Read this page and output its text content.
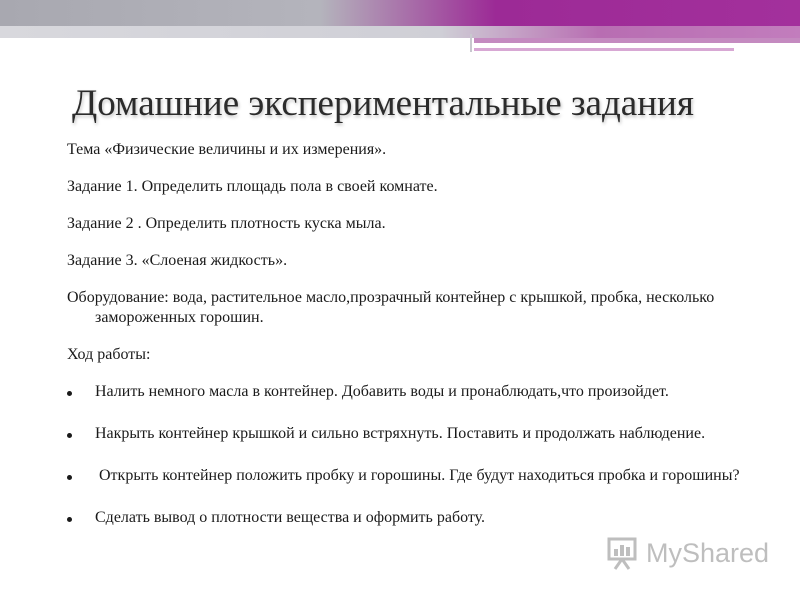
Домашние экспериментальные задания

Тема «Физические величины и их измерения».

Задание 1. Определить площадь пола в своей комнате.

Задание 2 . Определить плотность куска мыла.

Задание 3. «Слоеная жидкость».

Оборудование: вода, растительное масло,прозрачный контейнер с крышкой, пробка, несколько замороженных горошин.

Ход работы:

Налить немного масла в контейнер. Добавить воды и пронаблюдать,что произойдет.
Накрыть контейнер крышкой и сильно встряхнуть. Поставить и продолжать наблюдение.
Открыть контейнер положить пробку и горошины. Где будут находиться пробка и горошины?
Сделать вывод о плотности вещества и оформить работу.
MyShared
